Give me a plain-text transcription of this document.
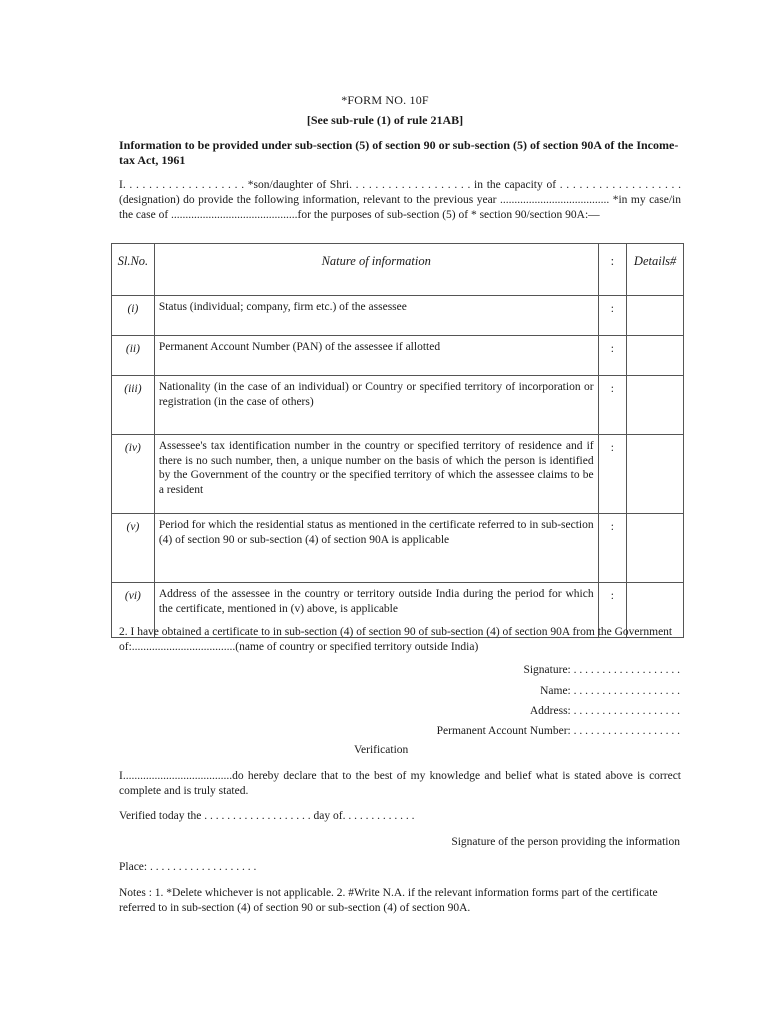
*FORM NO. 10F
[See sub-rule (1) of rule 21AB]
Information to be provided under sub-section (5) of section 90 or sub-section (5) of section 90A of the Income-tax Act, 1961
I. . . . . . . . . . . . . . . . . . . *son/daughter of Shri. . . . . . . . . . . . . . . . . . . in the capacity of . . . . . . . . . . . . . . . . . . . (designation) do provide the following information, relevant to the previous year ...................................... *in my case/in the case of ............................................for the purposes of sub-section (5) of * section 90/section 90A:—
Sl.No.	Nature of information	:	Details#
(i)	Status (individual; company, firm etc.) of the assessee	:	
(ii)	Permanent Account Number (PAN) of the assessee if allotted	:	
(iii)	Nationality (in the case of an individual) or Country or specified territory of incorporation or registration (in the case of others)	:	
(iv)	Assessee's tax identification number in the country or specified territory of residence and if there is no such number, then, a unique number on the basis of which the person is identified by the Government of the country or the specified territory of which the assessee claims to be a resident	:	
(v)	Period for which the residential status as mentioned in the certificate referred to in sub-section (4) of section 90 or sub-section (4) of section 90A is applicable	:	
(vi)	Address of the assessee in the country or territory outside India during the period for which the certificate, mentioned in (v) above, is applicable	:	
2. I have obtained a certificate to in sub-section (4) of section 90 of sub-section (4) of section 90A from the Government of:....................................(name of country or specified territory outside India)
Signature: . . . . . . . . . . . . . . . . . . .
Name: . . . . . . . . . . . . . . . . . . .
Address: . . . . . . . . . . . . . . . . . . .
Permanent Account Number: . . . . . . . . . . . . . . . . . . .
Verification
I......................................do hereby declare that to the best of my knowledge and belief what is stated above is correct complete and is truly stated.
Verified today the . . . . . . . . . . . . . . . . . . . day of. . . . . . . . . . . . .
Signature of the person providing the information
Place: . . . . . . . . . . . . . . . . . . .
Notes : 1. *Delete whichever is not applicable. 2. #Write N.A. if the relevant information forms part of the certificate referred to in sub-section (4) of section 90 or sub-section (4) of section 90A.
